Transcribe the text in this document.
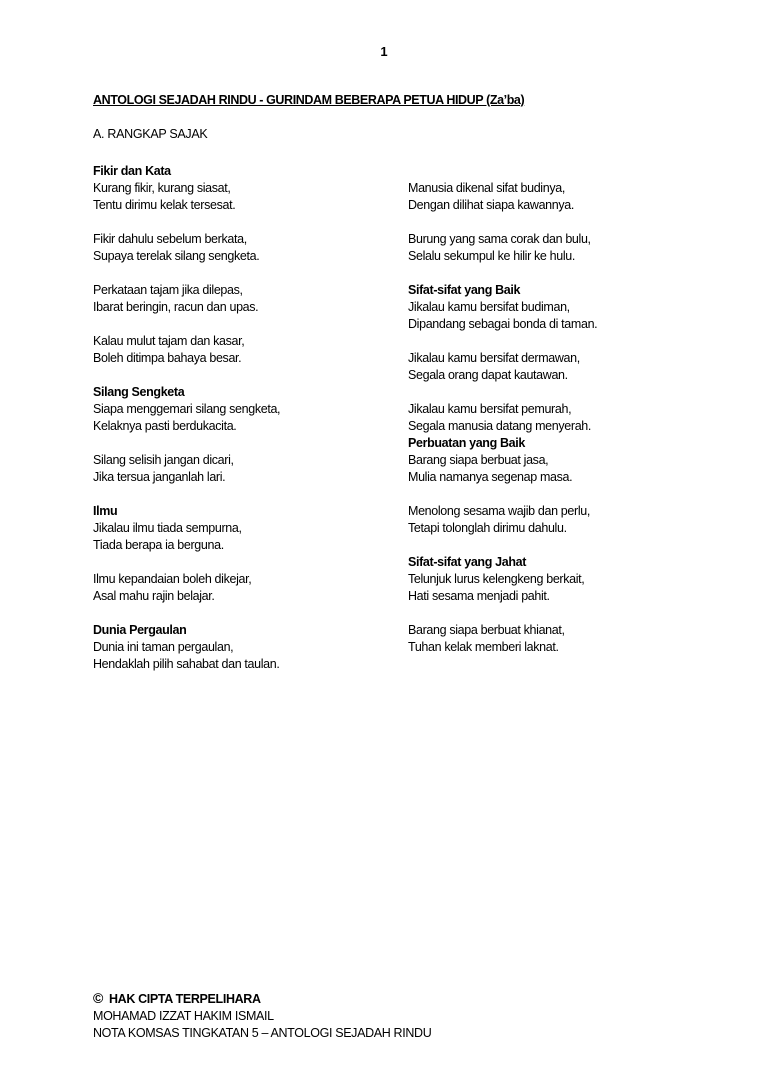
1
ANTOLOGI SEJADAH RINDU - GURINDAM BEBERAPA PETUA HIDUP (Za’ba)
A. RANGKAP SAJAK
Fikir dan Kata
Kurang fikir, kurang siasat,
Tentu dirimu kelak tersesat.
Fikir dahulu sebelum berkata,
Supaya terelak silang sengketa.
Perkataan tajam jika dilepas,
Ibarat beringin, racun dan upas.
Kalau mulut tajam dan kasar,
Boleh ditimpa bahaya besar.
Silang Sengketa
Siapa menggemari silang sengketa,
Kelaknya pasti berdukacita.
Silang selisih jangan dicari,
Jika tersua janganlah lari.
Ilmu
Jikalau ilmu tiada sempurna,
Tiada berapa ia berguna.
Ilmu kepandaian boleh dikejar,
Asal mahu rajin belajar.
Dunia Pergaulan
Dunia ini taman pergaulan,
Hendaklah pilih sahabat dan taulan.
Manusia dikenal sifat budinya,
Dengan dilihat siapa kawannya.
Burung yang sama corak dan bulu,
Selalu sekumpul ke hilir ke hulu.
Sifat-sifat yang Baik
Jikalau kamu bersifat budiman,
Dipandang sebagai bonda di taman.
Jikalau kamu bersifat dermawan,
Segala orang dapat kautawan.
Jikalau kamu bersifat pemurah,
Segala manusia datang menyerah.
Perbuatan yang Baik
Barang siapa berbuat jasa,
Mulia namanya segenap masa.
Menolong sesama wajib dan perlu,
Tetapi tolonglah dirimu dahulu.
Sifat-sifat yang Jahat
Telunjuk lurus kelengkeng berkait,
Hati sesama menjadi pahit.
Barang siapa berbuat khianat,
Tuhan kelak memberi laknat.
© HAK CIPTA TERPELIHARA
MOHAMAD IZZAT HAKIM ISMAIL
NOTA KOMSAS TINGKATAN 5 – ANTOLOGI SEJADAH RINDU
